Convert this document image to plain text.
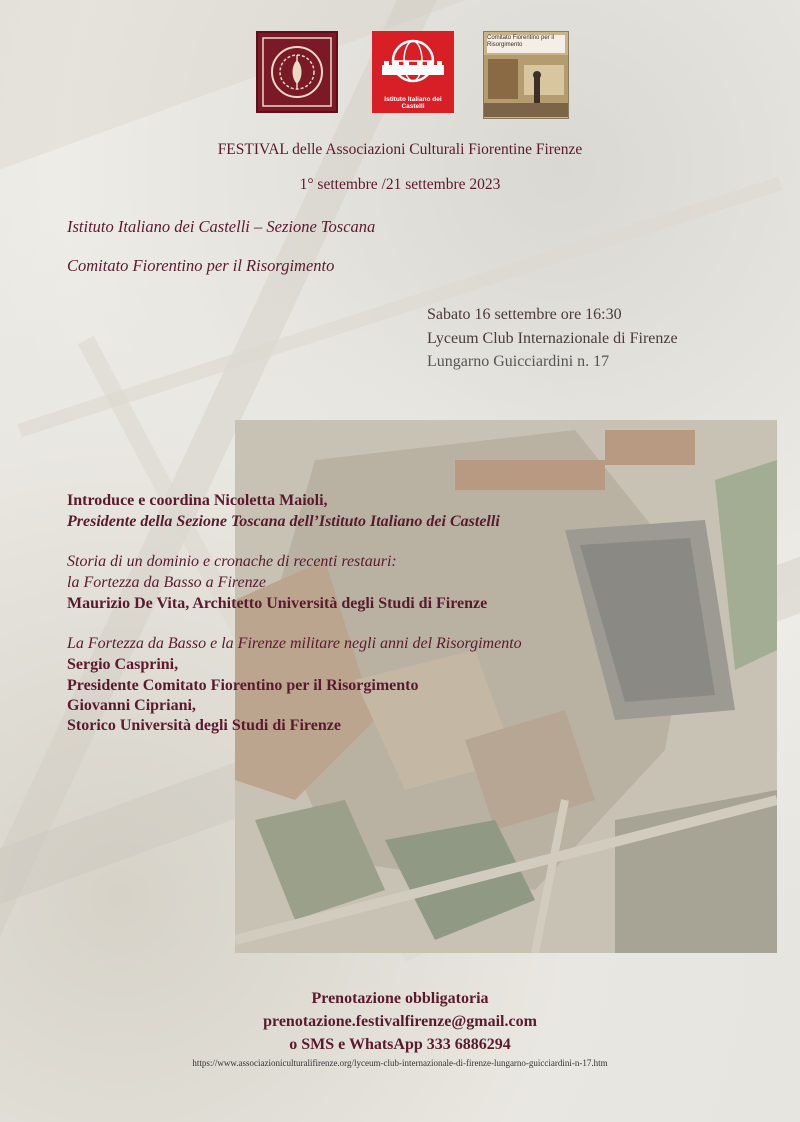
Istituto Italiano dei Castelli
Comitato Fiorentino per il Risorgimento
FESTIVAL delle Associazioni Culturali Fiorentine Firenze
1° settembre /21 settembre 2023
Istituto Italiano dei Castelli – Sezione Toscana
Comitato Fiorentino per il Risorgimento
Sabato 16 settembre ore 16:30
Lyceum Club Internazionale di Firenze
Lungarno Guicciardini n. 17
Introduce e coordina Nicoletta Maioli,
Presidente della Sezione Toscana dell’Istituto Italiano dei Castelli
Storia di un dominio e cronache di recenti restauri:
la Fortezza da Basso a Firenze
Maurizio De Vita, Architetto Università degli Studi di Firenze
La Fortezza da Basso e la Firenze militare negli anni del Risorgimento
Sergio Casprini,
Presidente Comitato Fiorentino per il Risorgimento
Giovanni Cipriani,
Storico Università degli Studi di Firenze
Prenotazione obbligatoria
prenotazione.festivalfirenze@gmail.com
o SMS e WhatsApp 333 6886294
https://www.associazioniculturalifirenze.org/lyceum-club-internazionale-di-firenze-lungarno-guicciardini-n-17.htm
